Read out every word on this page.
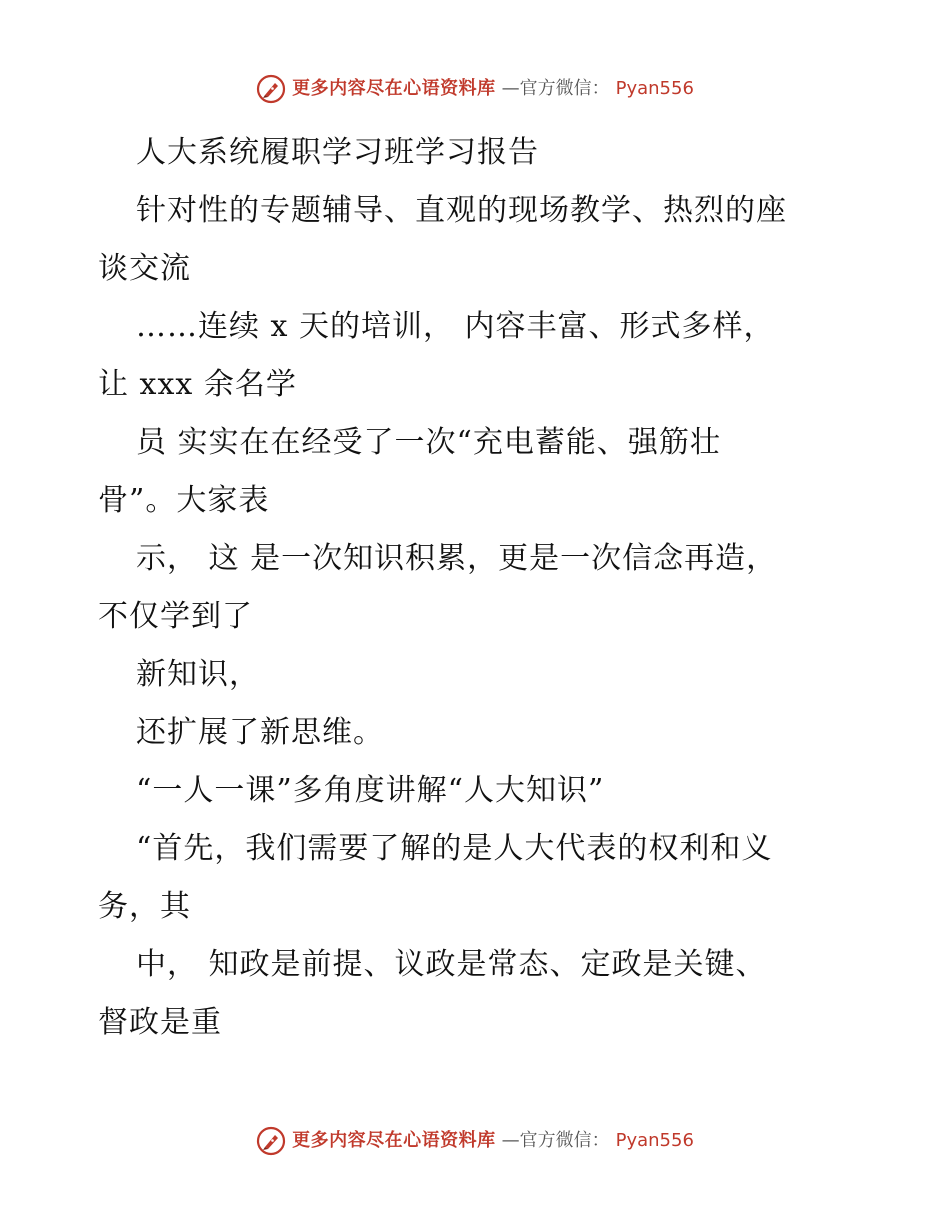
更多内容尽在心语资料库 —官方微信： Pyan556

人大系统履职学习班学习报告

针对性的专题辅导、直观的现场教学、热烈的座

谈交流

……连续 x 天的培训， 内容丰富、形式多样，

让 xxx 余名学

员 实实在在经受了一次“充电蓄能、强筋壮

骨”。大家表

示， 这 是一次知识积累，更是一次信念再造，

不仅学到了

新知识，

还扩展了新思维。

“一人一课”多角度讲解“人大知识”

“首先，我们需要了解的是人大代表的权利和义

务，其

中， 知政是前提、议政是常态、定政是关键、

督政是重

更多内容尽在心语资料库 —官方微信： Pyan556
